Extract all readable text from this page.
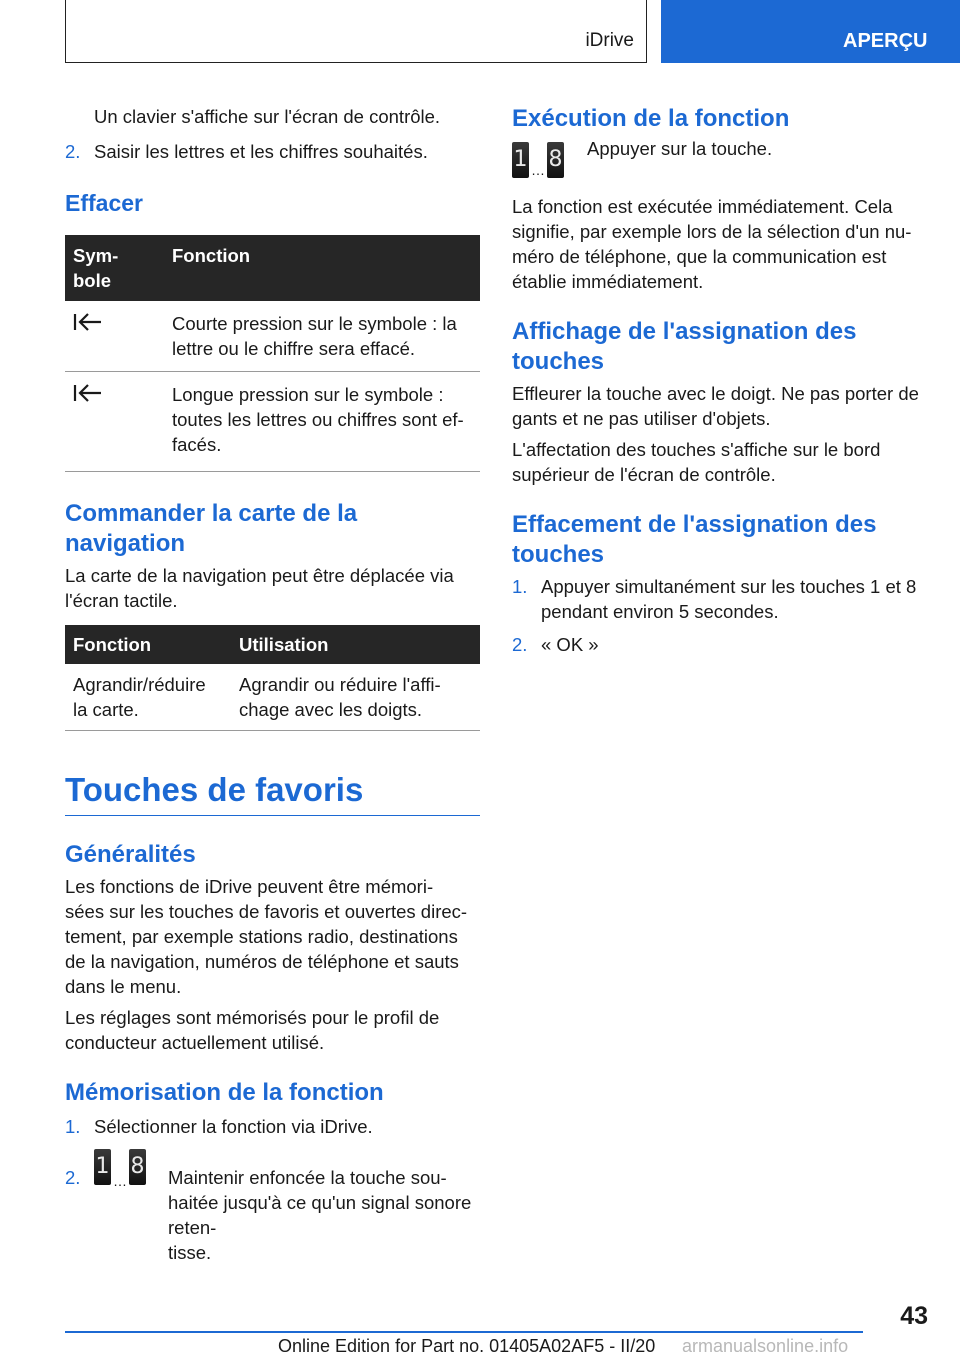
iDrive	APERÇU

Un clavier s'affiche sur l'écran de contrôle.

2. Saisir les lettres et les chiffres souhaités.

Effacer

Sym-
bole	Fonction
	Courte pression sur le symbole : la lettre ou le chiffre sera effacé.
	Longue pression sur le symbole : toutes les lettres ou chiffres sont ef-
facés.

Commander la carte de la navigation

La carte de la navigation peut être déplacée via l'écran tactile.

Fonction	Utilisation
Agrandir/réduire la carte.	Agrandir ou réduire l'affi-
chage avec les doigts.

Touches de favoris

Généralités

Les fonctions de iDrive peuvent être mémori-
sées sur les touches de favoris et ouvertes direc-
tement, par exemple stations radio, destinations de la navigation, numéros de téléphone et sauts dans le menu.

Les réglages sont mémorisés pour le profil de conducteur actuellement utilisé.

Mémorisation de la fonction

1. Sélectionner la fonction via iDrive.
2. 1
…
8 Maintenir enfoncée la touche sou-
haitée jusqu'à ce qu'un signal sonore reten-
tisse.

Exécution de la fonction

1 … 8 Appuyer sur la touche.

La fonction est exécutée immédiatement. Cela signifie, par exemple lors de la sélection d'un nu-
méro de téléphone, que la communication est établie immédiatement.

Affichage de l'assignation des touches

Effleurer la touche avec le doigt. Ne pas porter de gants et ne pas utiliser d'objets.

L'affectation des touches s'affiche sur le bord supérieur de l'écran de contrôle.

Effacement de l'assignation des touches

1. Appuyer simultanément sur les touches 1 et 8 pendant environ 5 secondes.
2. « OK »
43
Online Edition for Part no. 01405A02AF5 - II/20 armanualsonline.info
